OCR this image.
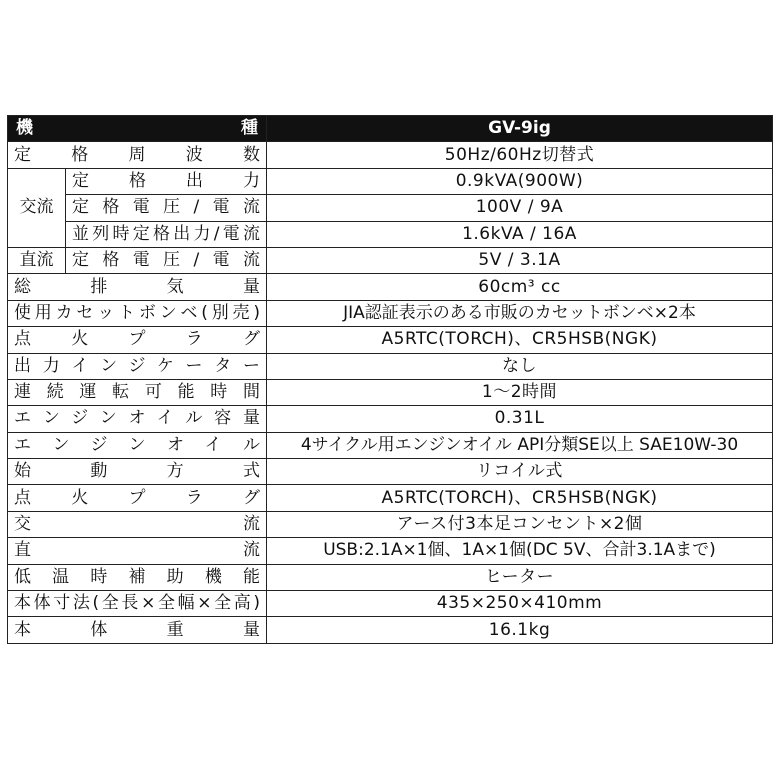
機　　種		GV-9ig
定格周波数		50Hz/60Hz切替式
交流	定格出力	0.9kVA(900W)
	定格電圧/電流	100V / 9A
	並列時定格出力/電流	1.6kVA / 16A
直流	定格電圧/電流	5V / 3.1A
総排気量		60cm³ cc
使用カセットボンベ(別売)		JIA認証表示のある市販のカセットボンベ×2本
点火プラグ		A5RTC(TORCH)、CR5HSB(NGK)
出力インジケーター		なし
連続運転可能時間		1～2時間
エンジンオイル容量		0.31L
エンジンオイル		4サイクル用エンジンオイル API分類SE以上 SAE10W-30
始動方式		リコイル式
点火プラグ		A5RTC(TORCH)、CR5HSB(NGK)
交流		アース付3本足コンセント×2個
直流		USB:2.1A×1個、1A×1個(DC 5V、合計3.1Aまで)
低温時補助機能		ヒーター
本体寸法(全長×全幅×全高)		435×250×410mm
本体重量		16.1kg
